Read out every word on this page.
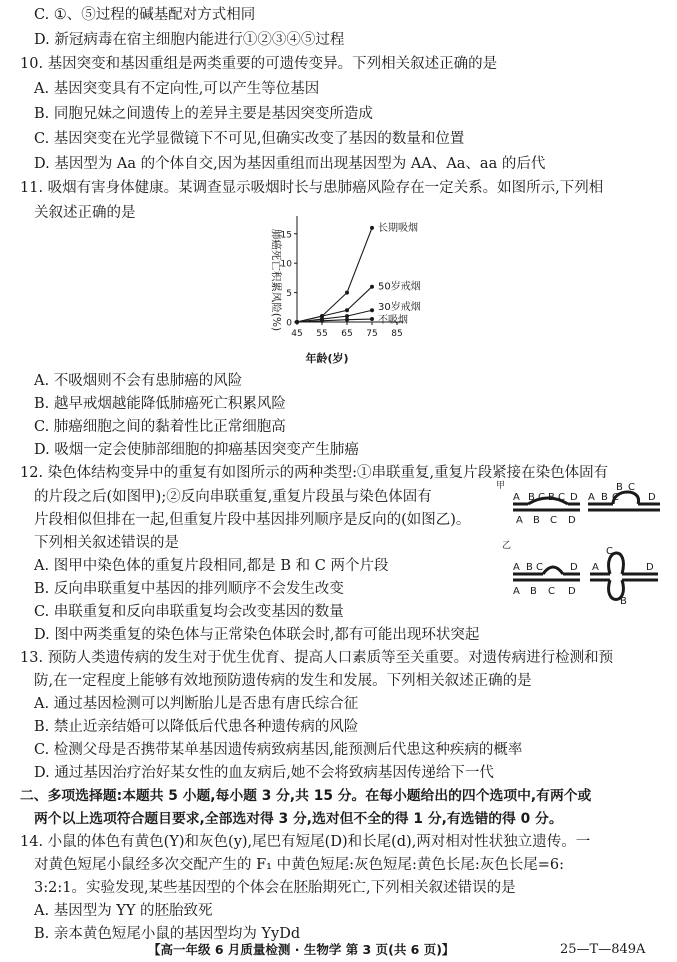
C. ①、⑤过程的碱基配对方式相同
D. 新冠病毒在宿主细胞内能进行①②③④⑤过程
10. 基因突变和基因重组是两类重要的可遗传变异。下列相关叙述正确的是
A. 基因突变具有不定向性,可以产生等位基因
B. 同胞兄妹之间遗传上的差异主要是基因突变所造成
C. 基因突变在光学显微镜下不可见,但确实改变了基因的数量和位置
D. 基因型为 Aa 的个体自交,因为基因重组而出现基因型为 AA、Aa、aa 的后代
11. 吸烟有害身体健康。某调查显示吸烟时长与患肺癌风险存在一定关系。如图所示,下列相
关叙述正确的是
肺癌死亡积累风险(%)
年龄(岁)
0
5
10
15
45 55 65 75 85
长期吸烟
50岁戒烟
30岁戒烟
不吸烟
A. 不吸烟则不会有患肺癌的风险
B. 越早戒烟越能降低肺癌死亡积累风险
C. 肺癌细胞之间的黏着性比正常细胞高
D. 吸烟一定会使肺部细胞的抑癌基因突变产生肺癌
12. 染色体结构变异中的重复有如图所示的两种类型:①串联重复,重复片段紧接在染色体固有
的片段之后(如图甲);②反向串联重复,重复片段虽与染色体固有
片段相似但排在一起,但重复片段中基因排列顺序是反向的(如图乙)。
下列相关叙述错误的是
A. 图甲中染色体的重复片段相同,都是 B 和 C 两个片段
B. 反向串联重复中基因的排列顺序不会发生改变
C. 串联重复和反向串联重复均会改变基因的数量
D. 图中两类重复的染色体与正常染色体联会时,都有可能出现环状突起
甲
A B C B C D
A B C D
B C
A B C	D
乙
A B C	D
A B C D
C
B
A	D
13. 预防人类遗传病的发生对于优生优育、提高人口素质等至关重要。对遗传病进行检测和预
防,在一定程度上能够有效地预防遗传病的发生和发展。下列相关叙述正确的是
A. 通过基因检测可以判断胎儿是否患有唐氏综合征
B. 禁止近亲结婚可以降低后代患各种遗传病的风险
C. 检测父母是否携带某单基因遗传病致病基因,能预测后代患这种疾病的概率
D. 通过基因治疗治好某女性的血友病后,她不会将致病基因传递给下一代
二、多项选择题:本题共 5 小题,每小题 3 分,共 15 分。在每小题给出的四个选项中,有两个或
两个以上选项符合题目要求,全部选对得 3 分,选对但不全的得 1 分,有选错的得 0 分。
14. 小鼠的体色有黄色(Y)和灰色(y),尾巴有短尾(D)和长尾(d),两对相对性状独立遗传。一
对黄色短尾小鼠经多次交配产生的 F₁ 中黄色短尾:灰色短尾:黄色长尾:灰色长尾=6:
3:2:1。实验发现,某些基因型的个体会在胚胎期死亡,下列相关叙述错误的是
A. 基因型为 YY 的胚胎致死
B. 亲本黄色短尾小鼠的基因型均为 YyDd
【高一年级 6 月质量检测 · 生物学 第 3 页(共 6 页)】	25—T—849A
